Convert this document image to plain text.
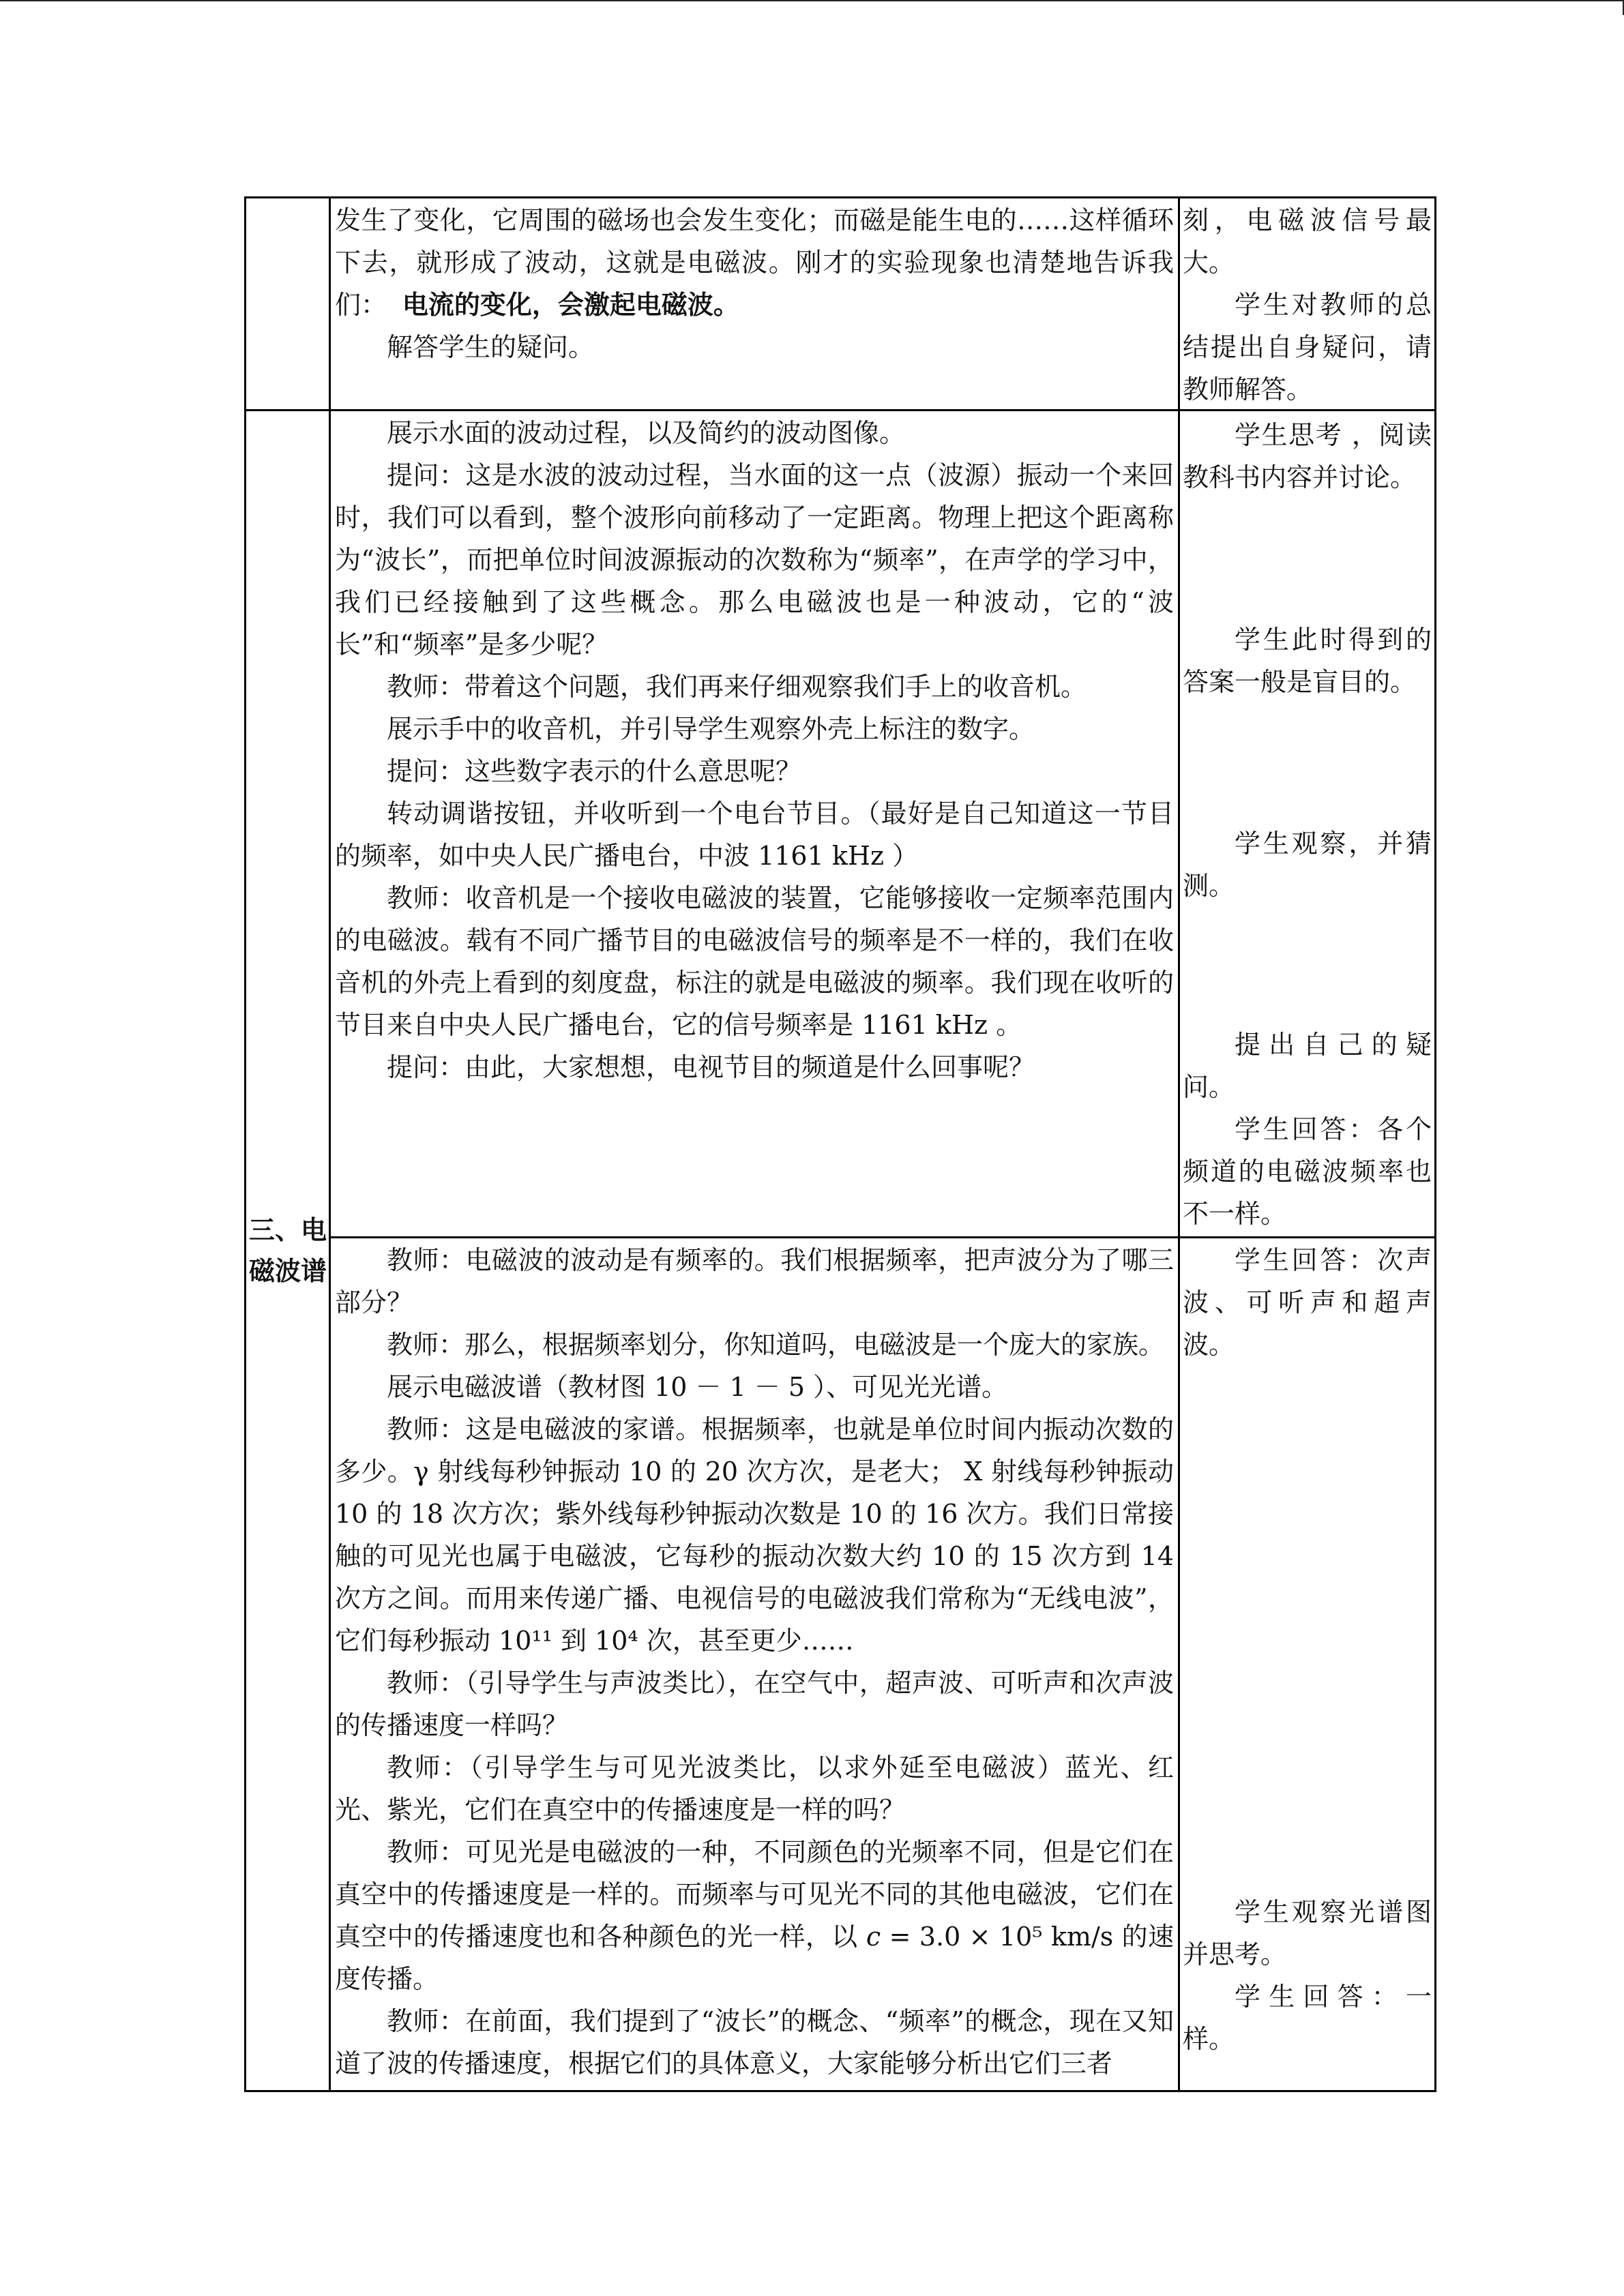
发生了变化，它周围的磁场也会发生变化；而磁是能生电的……这样循环下去，就形成了波动，这就是电磁波。刚才的实验现象也清楚地告诉我们： 电流的变化，会激起电磁波。

解答学生的疑问。

刻，电磁波信号最大。

学生对教师的总结提出自身疑问，请教师解答。

三、电磁波谱

展示水面的波动过程，以及简约的波动图像。

提问：这是水波的波动过程，当水面的这一点（波源）振动一个来回时，我们可以看到，整个波形向前移动了一定距离。物理上把这个距离称为“波长”，而把单位时间波源振动的次数称为“频率”，在声学的学习中，我们已经接触到了这些概念。那么电磁波也是一种波动，它的“波长”和“频率”是多少呢？

教师：带着这个问题，我们再来仔细观察我们手上的收音机。

展示手中的收音机，并引导学生观察外壳上标注的数字。

提问：这些数字表示的什么意思呢？

转动调谐按钮，并收听到一个电台节目。（最好是自己知道这一节目的频率，如中央人民广播电台，中波 1161 kHz ）

教师：收音机是一个接收电磁波的装置，它能够接收一定频率范围内的电磁波。载有不同广播节目的电磁波信号的频率是不一样的，我们在收音机的外壳上看到的刻度盘，标注的就是电磁波的频率。我们现在收听的节目来自中央人民广播电台，它的信号频率是 1161 kHz 。

提问：由此，大家想想，电视节目的频道是什么回事呢？

学生思考 ，阅读教科书内容并讨论。

学生此时得到的答案一般是盲目的。

学生观察，并猜测。

提出自己的疑问。

学生回答：各个频道的电磁波频率也不一样。

教师：电磁波的波动是有频率的。我们根据频率，把声波分为了哪三部分？

教师：那么，根据频率划分，你知道吗，电磁波是一个庞大的家族。

展示电磁波谱（教材图 10 － 1 － 5 ）、可见光光谱。

教师：这是电磁波的家谱。根据频率，也就是单位时间内振动次数的多少。γ 射线每秒钟振动 10 的 20 次方次，是老大； X 射线每秒钟振动 10 的 18 次方次；紫外线每秒钟振动次数是 10 的 16 次方。我们日常接触的可见光也属于电磁波，它每秒的振动次数大约 10 的 15 次方到 14 次方之间。而用来传递广播、电视信号的电磁波我们常称为“无线电波”，它们每秒振动 10¹¹ 到 10⁴ 次，甚至更少……

教师：（引导学生与声波类比），在空气中，超声波、可听声和次声波的传播速度一样吗？

教师：（引导学生与可见光波类比，以求外延至电磁波）蓝光、红光、紫光，它们在真空中的传播速度是一样的吗？

教师：可见光是电磁波的一种，不同颜色的光频率不同，但是它们在真空中的传播速度是一样的。而频率与可见光不同的其他电磁波，它们在真空中的传播速度也和各种颜色的光一样，以 c = 3.0 × 10⁵ km/s 的速度传播。

教师：在前面，我们提到了“波长”的概念、“频率”的概念，现在又知道了波的传播速度，根据它们的具体意义，大家能够分析出它们三者

学生回答：次声波、可听声和超声波。

学生观察光谱图并思考。

学生回答：一样。
